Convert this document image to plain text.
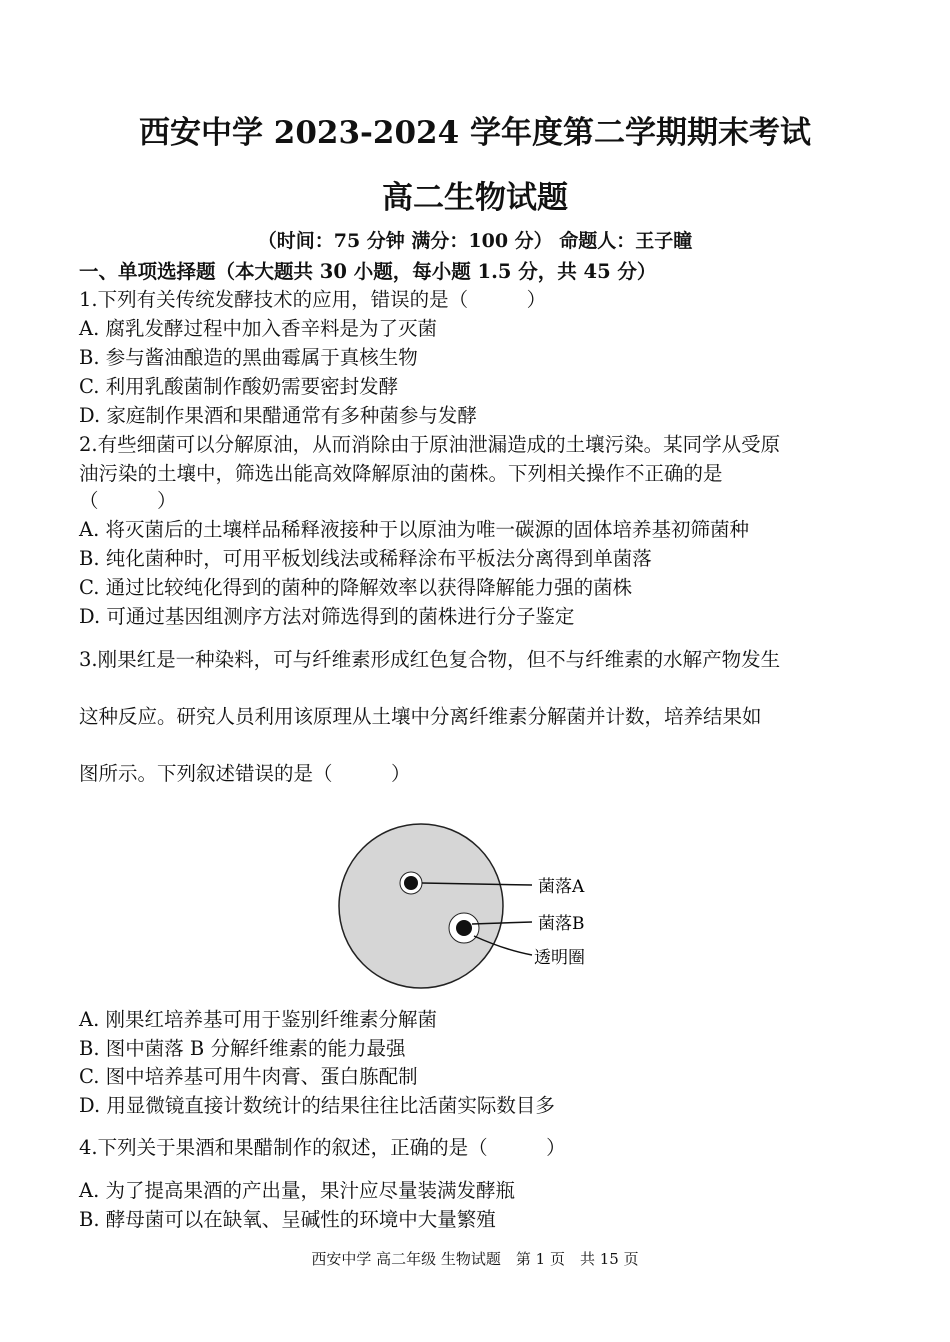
西安中学 2023-2024 学年度第二学期期末考试
高二生物试题
（时间：75 分钟 满分：100 分） 命题人：王子瞳
一、单项选择题（本大题共 30 小题，每小题 1.5 分，共 45 分）
1.下列有关传统发酵技术的应用，错误的是（　　　）
A. 腐乳发酵过程中加入香辛料是为了灭菌
B. 参与酱油酿造的黑曲霉属于真核生物
C. 利用乳酸菌制作酸奶需要密封发酵
D. 家庭制作果酒和果醋通常有多种菌参与发酵
2.有些细菌可以分解原油，从而消除由于原油泄漏造成的土壤污染。某同学从受原
油污染的土壤中，筛选出能高效降解原油的菌株。下列相关操作不正确的是
（　　　）
A. 将灭菌后的土壤样品稀释液接种于以原油为唯一碳源的固体培养基初筛菌种
B. 纯化菌种时，可用平板划线法或稀释涂布平板法分离得到单菌落
C. 通过比较纯化得到的菌种的降解效率以获得降解能力强的菌株
D. 可通过基因组测序方法对筛选得到的菌株进行分子鉴定
3.刚果红是一种染料，可与纤维素形成红色复合物，但不与纤维素的水解产物发生
这种反应。研究人员利用该原理从土壤中分离纤维素分解菌并计数，培养结果如
图所示。下列叙述错误的是（　　　）
菌落A
菌落B
透明圈
A. 刚果红培养基可用于鉴别纤维素分解菌
B. 图中菌落 B 分解纤维素的能力最强
C. 图中培养基可用牛肉膏、蛋白胨配制
D. 用显微镜直接计数统计的结果往往比活菌实际数目多
4.下列关于果酒和果醋制作的叙述，正确的是（　　　）
A. 为了提高果酒的产出量，果汁应尽量装满发酵瓶
B. 酵母菌可以在缺氧、呈碱性的环境中大量繁殖
西安中学 高二年级 生物试题　第 1 页　共 15 页
